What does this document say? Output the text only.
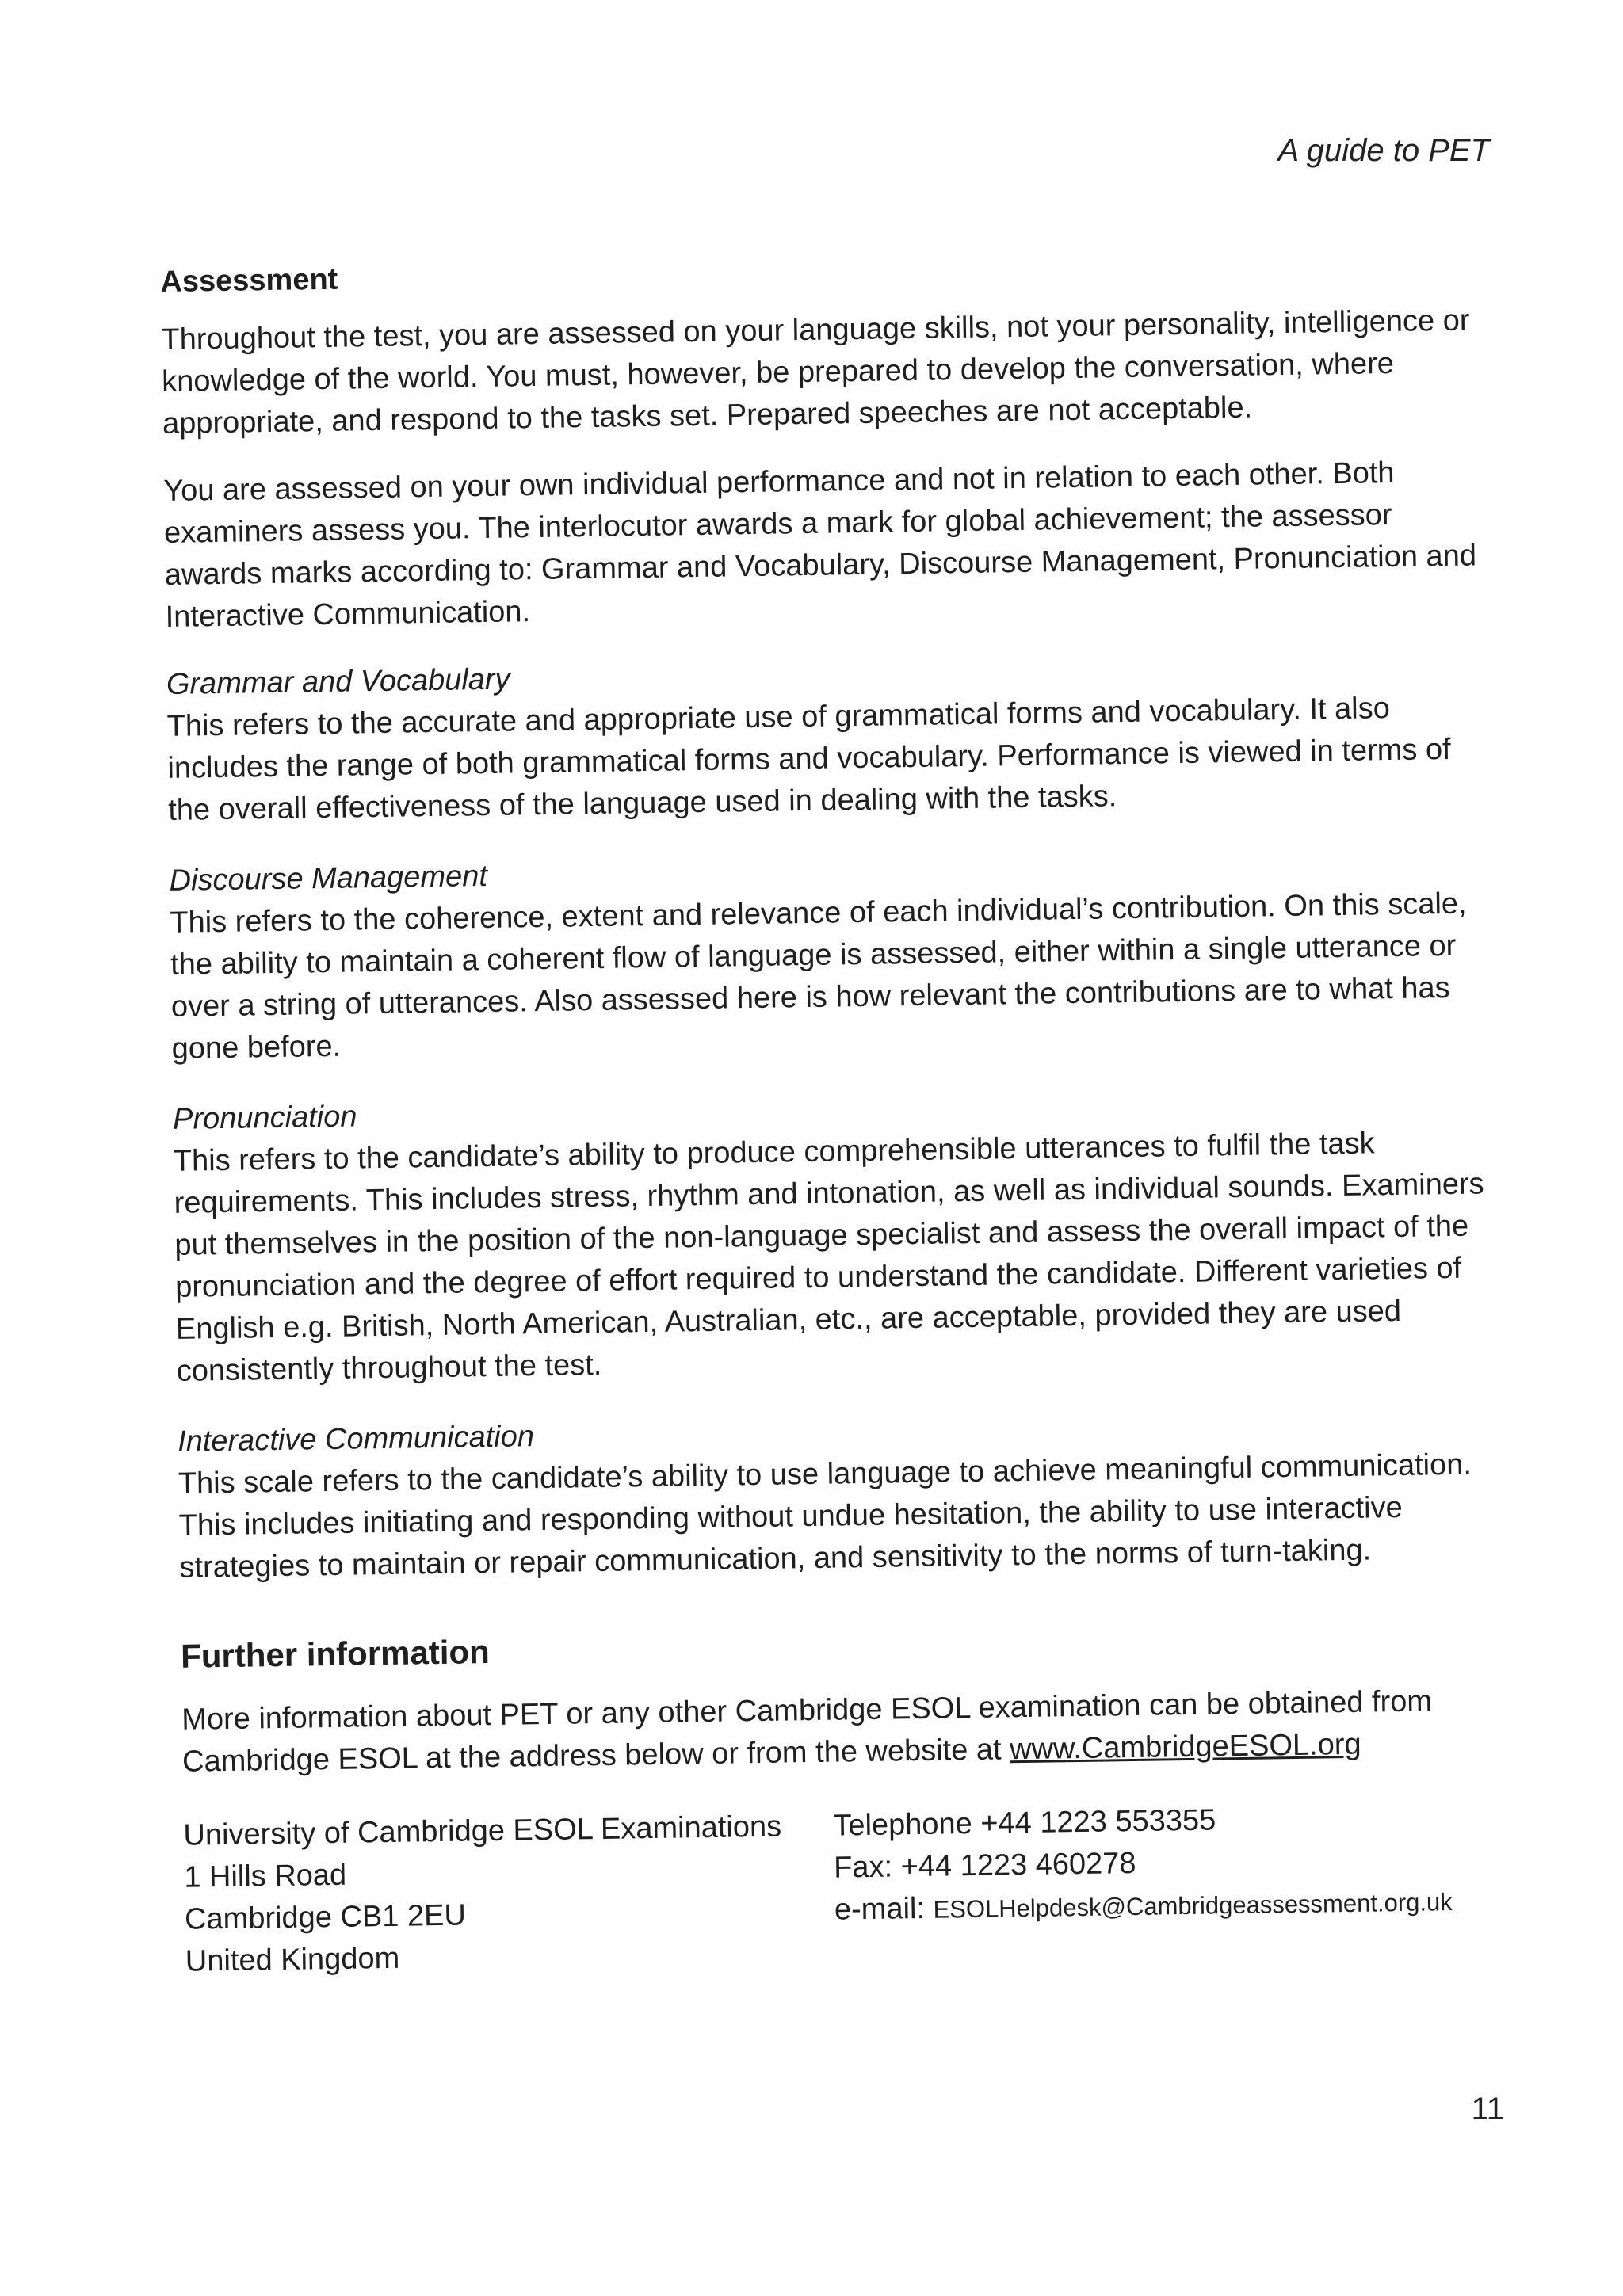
A guide to PET
Assessment

Throughout the test, you are assessed on your language skills, not your personality, intelligence or knowledge of the world. You must, however, be prepared to develop the conversation, where appropriate, and respond to the tasks set. Prepared speeches are not acceptable.

You are assessed on your own individual performance and not in relation to each other. Both examiners assess you. The interlocutor awards a mark for global achievement; the assessor awards marks according to: Grammar and Vocabulary, Discourse Management, Pronunciation and Interactive Communication.

Grammar and Vocabulary

This refers to the accurate and appropriate use of grammatical forms and vocabulary. It also includes the range of both grammatical forms and vocabulary. Performance is viewed in terms of the overall effectiveness of the language used in dealing with the tasks.

Discourse Management

This refers to the coherence, extent and relevance of each individual’s contribution. On this scale, the ability to maintain a coherent flow of language is assessed, either within a single utterance or over a string of utterances. Also assessed here is how relevant the contributions are to what has gone before.

Pronunciation

This refers to the candidate’s ability to produce comprehensible utterances to fulfil the task requirements. This includes stress, rhythm and intonation, as well as individual sounds. Examiners put themselves in the position of the non-language specialist and assess the overall impact of the pronunciation and the degree of effort required to understand the candidate. Different varieties of English e.g. British, North American, Australian, etc., are acceptable, provided they are used consistently throughout the test.

Interactive Communication

This scale refers to the candidate’s ability to use language to achieve meaningful communication. This includes initiating and responding without undue hesitation, the ability to use interactive strategies to maintain or repair communication, and sensitivity to the norms of turn-taking.

Further information

More information about PET or any other Cambridge ESOL examination can be obtained from Cambridge ESOL at the address below or from the website at www.CambridgeESOL.org

University of Cambridge ESOL Examinations
1 Hills Road
Cambridge CB1 2EU
United Kingdom
Telephone +44 1223 553355
Fax: +44 1223 460278
e-mail: ESOLHelpdesk@Cambridgeassessment.org.uk
11
